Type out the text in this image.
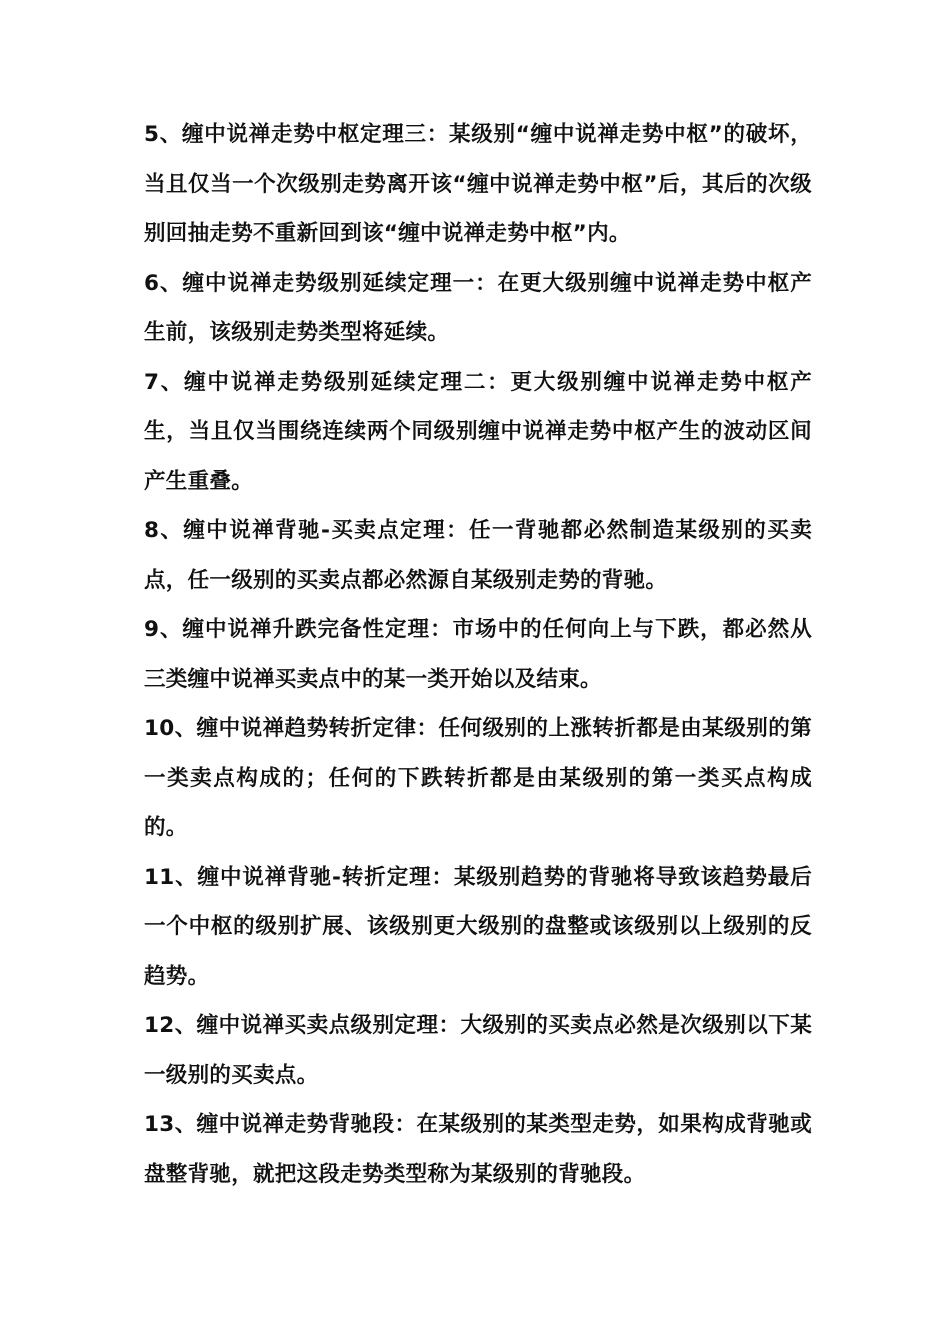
5、缠中说禅走势中枢定理三：某级别“缠中说禅走势中枢”的破坏，当且仅当一个次级别走势离开该“缠中说禅走势中枢”后，其后的次级别回抽走势不重新回到该“缠中说禅走势中枢”内。

6、缠中说禅走势级别延续定理一：在更大级别缠中说禅走势中枢产生前，该级别走势类型将延续。

7、缠中说禅走势级别延续定理二：更大级别缠中说禅走势中枢产生，当且仅当围绕连续两个同级别缠中说禅走势中枢产生的波动区间产生重叠。

8、缠中说禅背驰-买卖点定理：任一背驰都必然制造某级别的买卖点，任一级别的买卖点都必然源自某级别走势的背驰。

9、缠中说禅升跌完备性定理：市场中的任何向上与下跌，都必然从三类缠中说禅买卖点中的某一类开始以及结束。

10、缠中说禅趋势转折定律：任何级别的上涨转折都是由某级别的第一类卖点构成的；任何的下跌转折都是由某级别的第一类买点构成的。

11、缠中说禅背驰-转折定理：某级别趋势的背驰将导致该趋势最后一个中枢的级别扩展、该级别更大级别的盘整或该级别以上级别的反趋势。

12、缠中说禅买卖点级别定理：大级别的买卖点必然是次级别以下某一级别的买卖点。

13、缠中说禅走势背驰段：在某级别的某类型走势，如果构成背驰或盘整背驰，就把这段走势类型称为某级别的背驰段。
